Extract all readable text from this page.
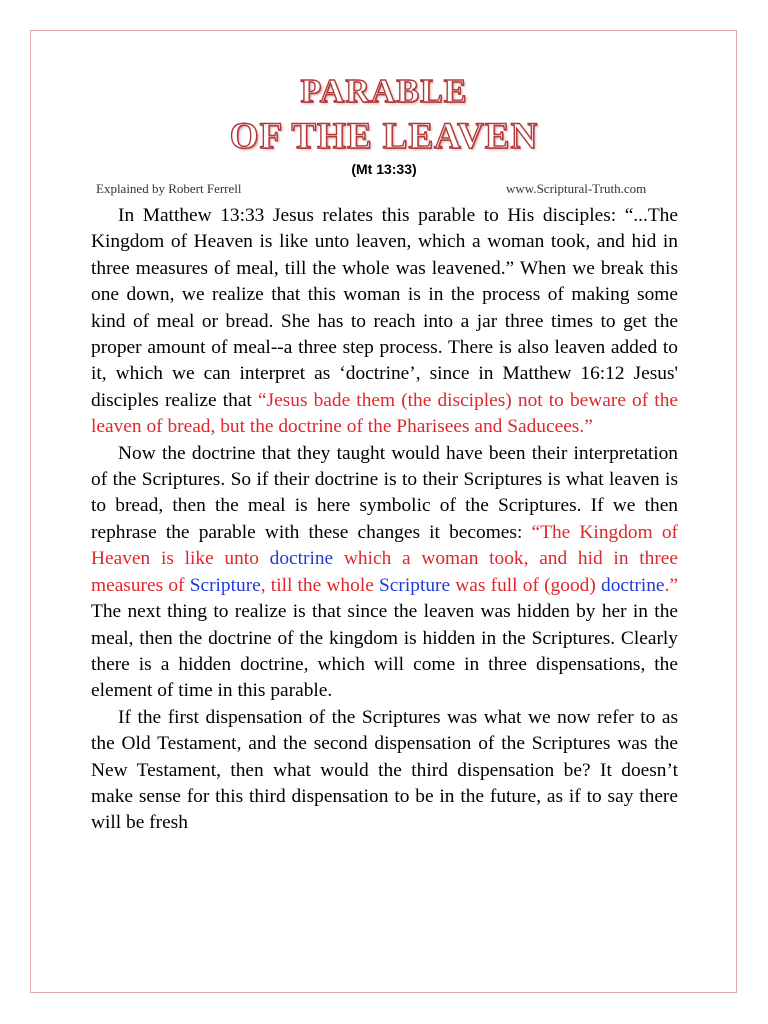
PARABLE
OF THE LEAVEN
(Mt 13:33)
Explained by Robert Ferrell	www.Scriptural-Truth.com

In Matthew 13:33 Jesus relates this parable to His disciples: “...The Kingdom of Heaven is like unto leaven, which a woman took, and hid in three measures of meal, till the whole was leavened.” When we break this one down, we realize that this woman is in the process of making some kind of meal or bread. She has to reach into a jar three times to get the proper amount of meal--a three step process. There is also leaven added to it, which we can interpret as ‘doctrine’, since in Matthew 16:12 Jesus' disciples realize that “Jesus bade them (the disciples) not to beware of the leaven of bread, but the doctrine of the Pharisees and Saducees.”

Now the doctrine that they taught would have been their interpretation of the Scriptures. So if their doctrine is to their Scriptures is what leaven is to bread, then the meal is here symbolic of the Scriptures. If we then rephrase the parable with these changes it becomes: “The Kingdom of Heaven is like unto doctrine which a woman took, and hid in three measures of Scripture, till the whole Scripture was full of (good) doctrine.” The next thing to realize is that since the leaven was hidden by her in the meal, then the doctrine of the kingdom is hidden in the Scriptures. Clearly there is a hidden doctrine, which will come in three dispensations, the element of time in this parable.

If the first dispensation of the Scriptures was what we now refer to as the Old Testament, and the second dispensation of the Scriptures was the New Testament, then what would the third dispensation be? It doesn’t make sense for this third dispensation to be in the future, as if to say there will be fresh
